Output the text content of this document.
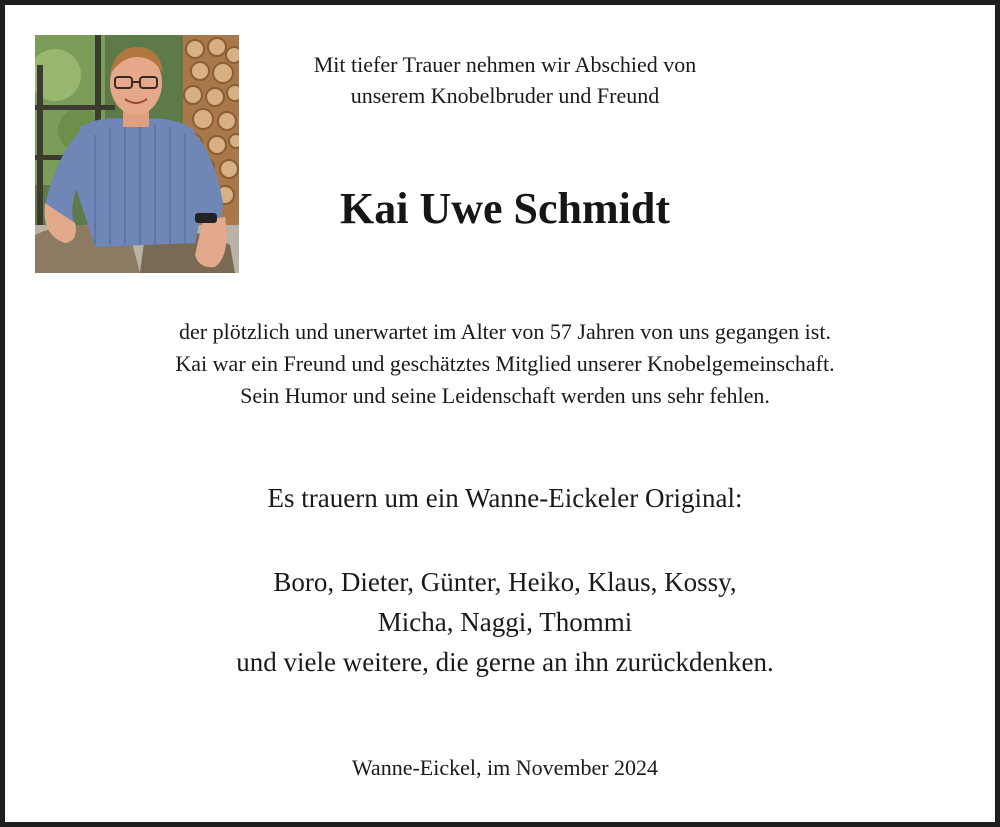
Mit tiefer Trauer nehmen wir Abschied von
unserem Knobelbruder und Freund
Kai Uwe Schmidt
der plötzlich und unerwartet im Alter von 57 Jahren von uns gegangen ist.
Kai war ein Freund und geschätztes Mitglied unserer Knobelgemeinschaft.
Sein Humor und seine Leidenschaft werden uns sehr fehlen.
Es trauern um ein Wanne-Eickeler Original:
Boro, Dieter, Günter, Heiko, Klaus, Kossy,
Micha, Naggi, Thommi
und viele weitere, die gerne an ihn zurückdenken.
Wanne-Eickel, im November 2024
